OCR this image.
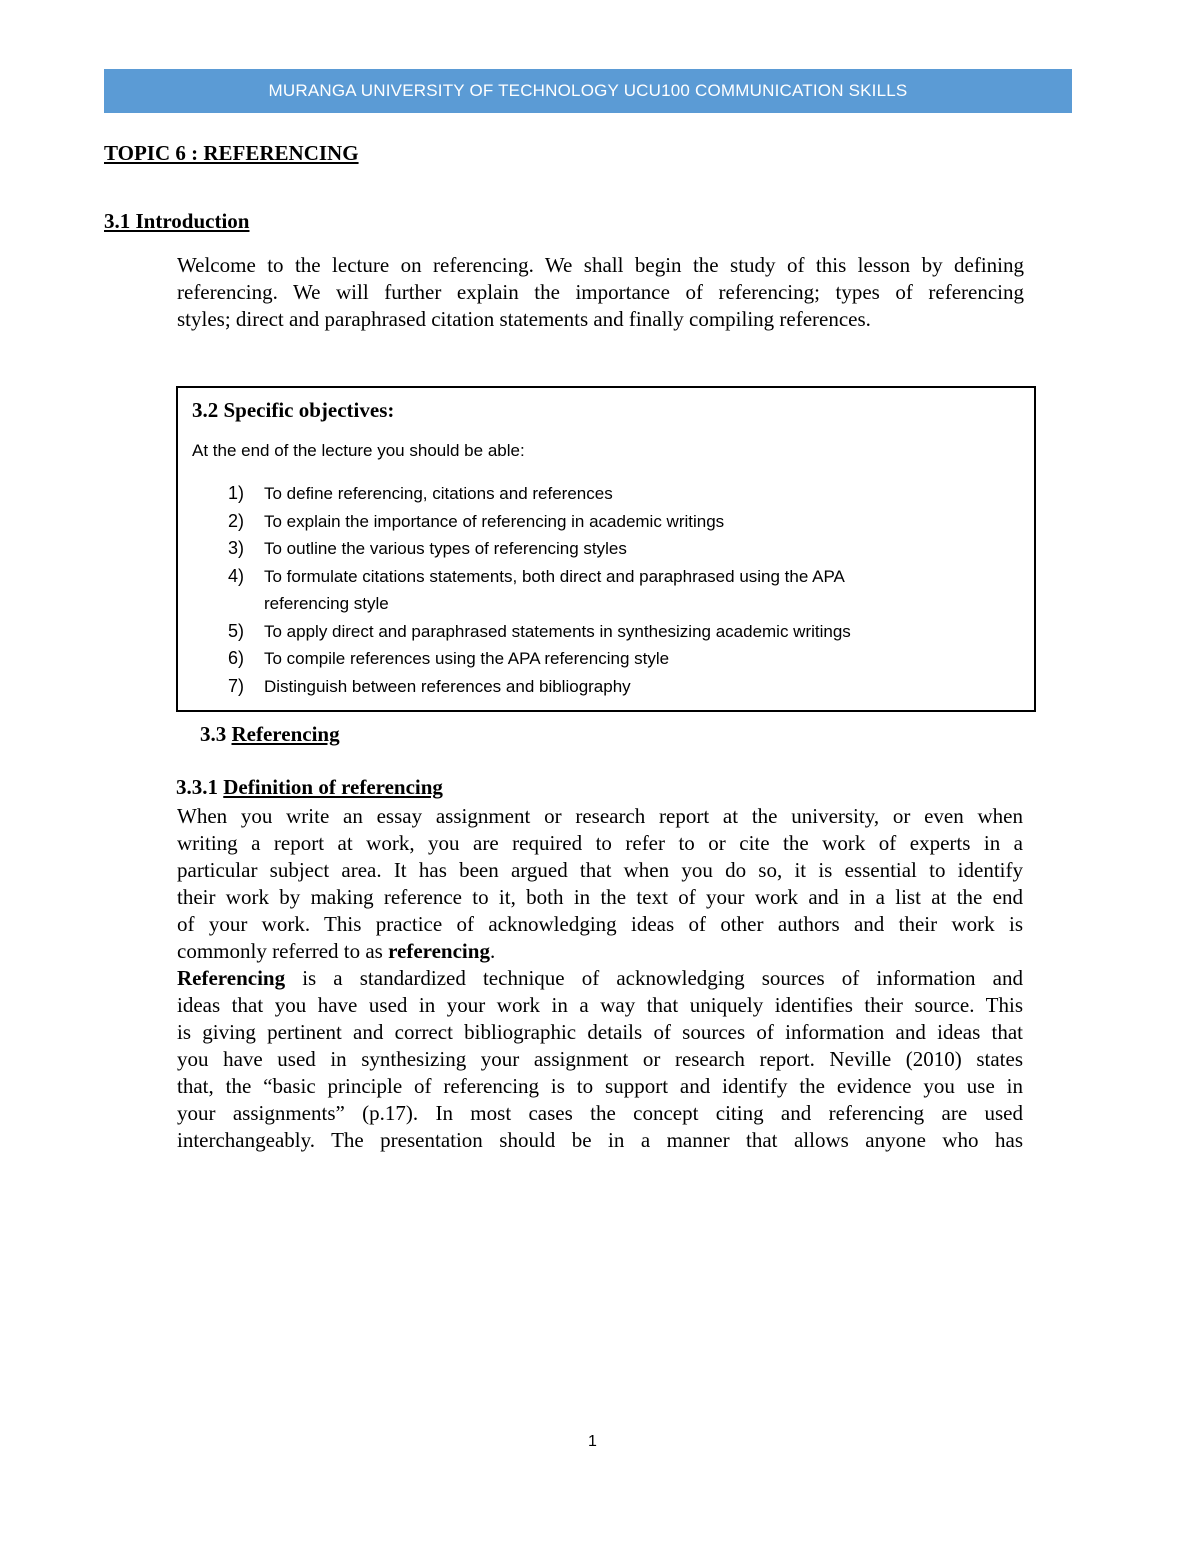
MURANGA UNIVERSITY OF TECHNOLOGY UCU100 COMMUNICATION SKILLS
TOPIC 6 : REFERENCING
3.1 Introduction
Welcome to the lecture on referencing. We shall begin the study of this lesson by defining
referencing. We will further explain the importance of referencing; types of referencing
styles; direct and paraphrased citation statements and finally compiling references.
3.2 Specific objectives:
At the end of the lecture you should be able:
1) To define referencing, citations and references
2) To explain the importance of referencing in academic writings
3) To outline the various types of referencing styles
4) To formulate citations statements, both direct and paraphrased using the APA
referencing style
5) To apply direct and paraphrased statements in synthesizing academic writings
6) To compile references using the APA referencing style
7) Distinguish between references and bibliography
3.3 Referencing
3.3.1 Definition of referencing
When you write an essay assignment or research report at the university, or even when
writing a report at work, you are required to refer to or cite the work of experts in a
particular subject area. It has been argued that when you do so, it is essential to identify
their work by making reference to it, both in the text of your work and in a list at the end
of your work. This practice of acknowledging ideas of other authors and their work is
commonly referred to as referencing.
Referencing is a standardized technique of acknowledging sources of information and
ideas that you have used in your work in a way that uniquely identifies their source. This
is giving pertinent and correct bibliographic details of sources of information and ideas that
you have used in synthesizing your assignment or research report. Neville (2010) states
that, the “basic principle of referencing is to support and identify the evidence you use in
your assignments” (p.17). In most cases the concept citing and referencing are used
interchangeably. The presentation should be in a manner that allows anyone who has
1
